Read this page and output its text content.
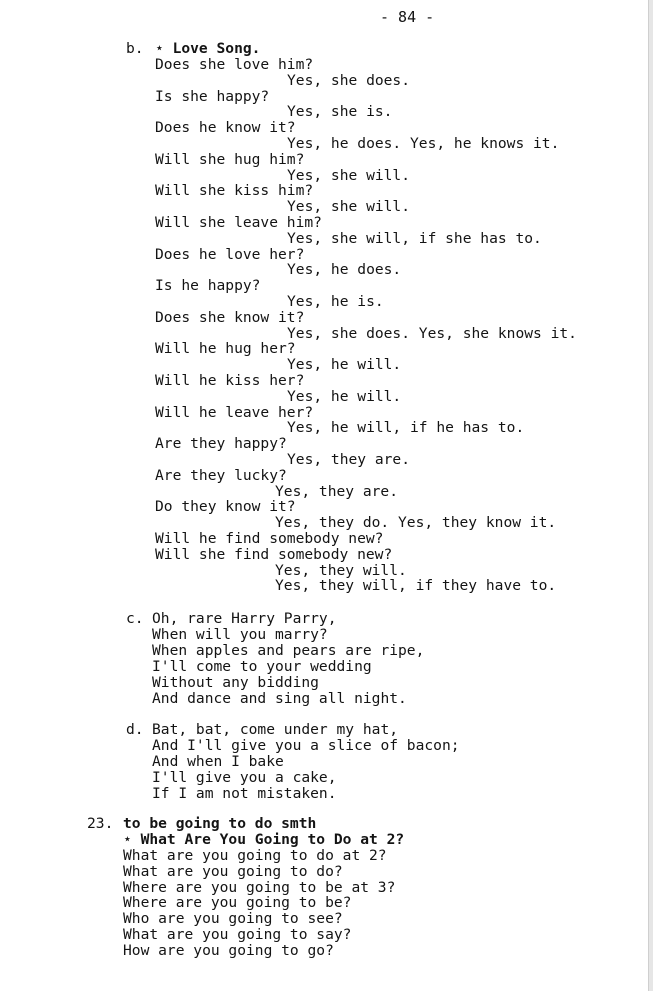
- 84 -
b. ⋆ Love Song.
Does she love him?
Yes, she does.
Is she happy?
Yes, she is.
Does he know it?
Yes, he does. Yes, he knows it.
Will she hug him?
Yes, she will.
Will she kiss him?
Yes, she will.
Will she leave him?
Yes, she will, if she has to.
Does he love her?
Yes, he does.
Is he happy?
Yes, he is.
Does she know it?
Yes, she does. Yes, she knows it.
Will he hug her?
Yes, he will.
Will he kiss her?
Yes, he will.
Will he leave her?
Yes, he will, if he has to.
Are they happy?
Yes, they are.
Are they lucky?
Yes, they are.
Do they know it?
Yes, they do. Yes, they know it.
Will he find somebody new?
Will she find somebody new?
Yes, they will.
Yes, they will, if they have to.
c. Oh, rare Harry Parry,
When will you marry?
When apples and pears are ripe,
I'll come to your wedding
Without any bidding
And dance and sing all night.
d. Bat, bat, come under my hat,
And I'll give you a slice of bacon;
And when I bake
I'll give you a cake,
If I am not mistaken.
23. to be going to do smth
⋆ What Are You Going to Do at 2?
What are you going to do at 2?
What are you going to do?
Where are you going to be at 3?
Where are you going to be?
Who are you going to see?
What are you going to say?
How are you going to go?
